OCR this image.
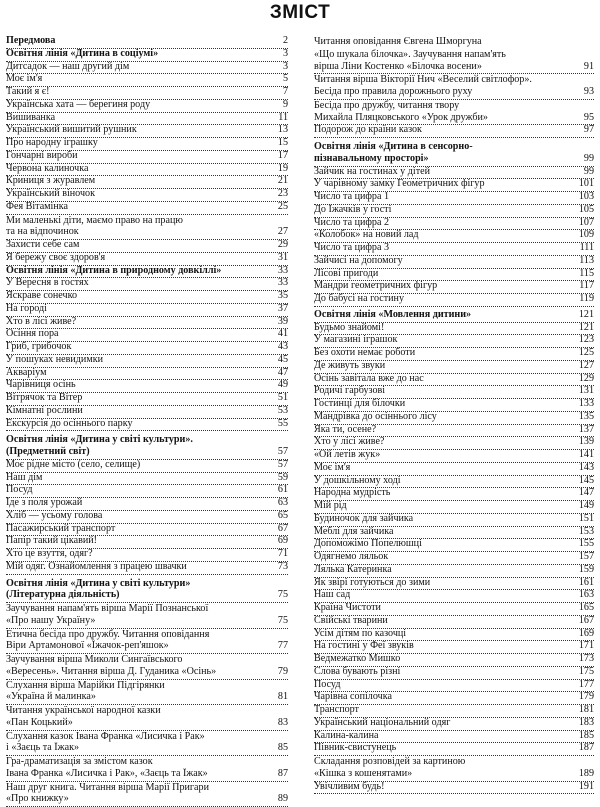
ЗМІСТ
Передмова	2
Освітня лінія «Дитина в соціумі»	3
Дитсадок — наш другий дім	3
Моє ім'я	5
Такий я є!	7
Українська хата — берегиня роду	9
Вишиванка	11
Український вишитий рушник	13
Про народну іграшку	15
Гончарні вироби	17
Червона калиночка	19
Криниця з журавлем	21
Український віночок	23
Фея Вітамінка	25
Ми маленькі діти, маємо право на працю
та на відпочинок	27
Захисти себе сам	29
Я бережу своє здоров'я	31
Освітня лінія «Дитина в природному довкіллі»	33
У Вересня в гостях	33
Яскраве сонечко	35
На городі	37
Хто в лісі живе?	39
Осіння пора	41
Гриб, грибочок	43
У пошуках невидимки	45
Акваріум	47
Чарівниця осінь	49
Вітрячок та Вітер	51
Кімнатні рослини	53
Екскурсія до осіннього парку	55
Освітня лінія «Дитина у світі культури».
(Предметний світ)	57
Моє рідне місто (село, селище)	57
Наш дім	59
Посуд	61
Їде з поля урожай	63
Хліб — усьому голова	65
Пасажирський транспорт	67
Папір такий цікавий!	69
Хто це взуття, одяг?	71
Мій одяг. Ознайомлення з працею швачки	73
Освітня лінія «Дитина у світі культури»
(Літературна діяльність)	75
Заучування напам'ять вірша Марії Познанської
«Про нашу Україну»	75
Етична бесіда про дружбу. Читання оповідання
Віри Артамонової «Їжачок-реп'яшок»	77
Заучування вірша Миколи Сингаївського
«Вересень». Читання вірша Д. Гуданика «Осінь»	79
Слухання вірша Марійки Підгірянки
«Україна й малинка»	81
Читання української народної казки
«Пан Коцький»	83
Слухання казок Івана Франка «Лисичка і Рак»
і «Заєць та Їжак»	85
Гра-драматизація за змістом казок
Івана Франка «Лисичка і Рак», «Заєць та Їжак»	87
Наш друг книга. Читання вірша Марії Пригари
«Про книжку»	89
Читання оповідання Євгена Шморгуна
«Що шукала білочка». Заучування напам'ять
вірша Ліни Костенко «Білочка восени»	91
Читання вірша Вікторії Нич «Веселий світлофор».
Бесіда про правила дорожнього руху	93
Бесіда про дружбу, читання твору
Михайла Пляцковського «Урок дружби»	95
Подорож до країни казок	97
Освітня лінія «Дитина в сенсорно-
пізнавальному просторі»	99
Зайчик на гостинах у дітей	99
У чарівному замку Геометричних фігур	101
Число та цифра 1	103
До Їжачків у гості	105
Число та цифра 2	107
«Колобок» на новий лад	109
Число та цифра 3	111
Зайчисі на допомогу	113
Лісові пригоди	115
Мандри геометричних фігур	117
До бабусі на гостину	119
Освітня лінія «Мовлення дитини»	121
Будьмо знайомі!	121
У магазині іграшок	123
Без охоти немає роботи	125
Де живуть звуки	127
Осінь завітала вже до нас	129
Родичі гарбузові	131
Гостинці для білочки	133
Мандрівка до осіннього лісу	135
Яка ти, осене?	137
Хто у лісі живе?	139
«Ой летів жук»	141
Моє ім'я	143
У дошкільному ході	145
Народна мудрість	147
Мій рід	149
Будиночок для зайчика	151
Меблі для зайчика	153
Допоможімо Попелюшці	155
Одягнемо ляльок	157
Лялька Катеринка	159
Як звірі готуються до зими	161
Наш сад	163
Країна Чистоти	165
Свійські тварини	167
Усім дітям по казочці	169
На гостині у Феї звуків	171
Ведмежатко Мишко	173
Слова бувають різні	175
Посуд	177
Чарівна сопілочка	179
Транспорт	181
Український національний одяг	183
Калина-калина	185
Півник-свистунець	187
Складання розповідей за картиною
«Кішка з кошенятами»	189
Увічливим будь!	191
